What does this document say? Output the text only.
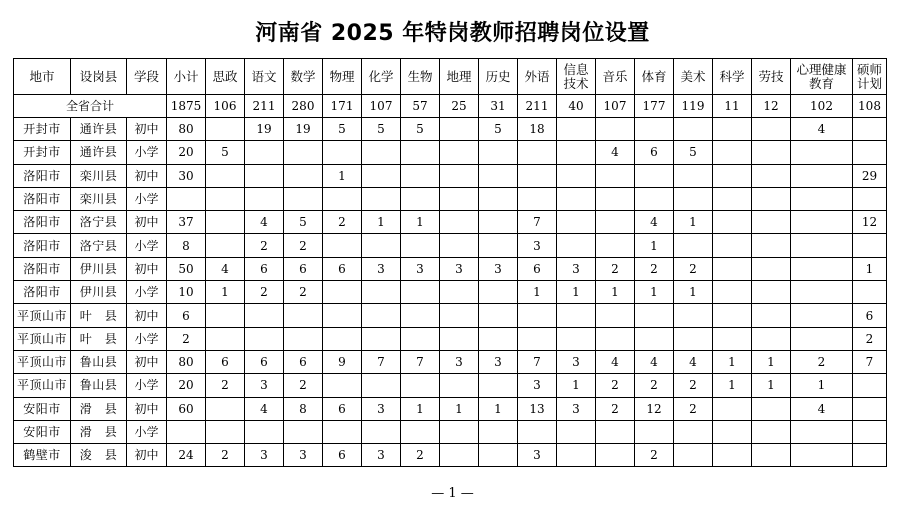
河南省 2025 年特岗教师招聘岗位设置
地市	设岗县	学段	小计	思政	语文	数学	物理	化学	生物	地理	历史	外语	信息
技术	音乐	体育	美术	科学	劳技	心理健康
教育	硕师
计划
全省合计			1875	106	211	280	171	107	57	25	31	211	40	107	177	119	11	12	102	108
开封市	通许县	初中	80		19	19	5	5	5		5	18							4	
开封市	通许县	小学	20	5										4	6	5				
洛阳市	栾川县	初中	30				1													29
洛阳市	栾川县	小学																		
洛阳市	洛宁县	初中	37		4	5	2	1	1			7			4	1				12
洛阳市	洛宁县	小学	8		2	2						3			1					
洛阳市	伊川县	初中	50	4	6	6	6	3	3	3	3	6	3	2	2	2				1
洛阳市	伊川县	小学	10	1	2	2						1	1	1	1	1				
平顶山市	叶　县	初中	6																	6
平顶山市	叶　县	小学	2																	2
平顶山市	鲁山县	初中	80	6	6	6	9	7	7	3	3	7	3	4	4	4	1	1	2	7
平顶山市	鲁山县	小学	20	2	3	2						3	1	2	2	2	1	1	1	
安阳市	滑　县	初中	60		4	8	6	3	1	1	1	13	3	2	12	2			4	
安阳市	滑　县	小学																		
鹤壁市	浚　县	初中	24	2	3	3	6	3	2			3			2					
— 1 —
